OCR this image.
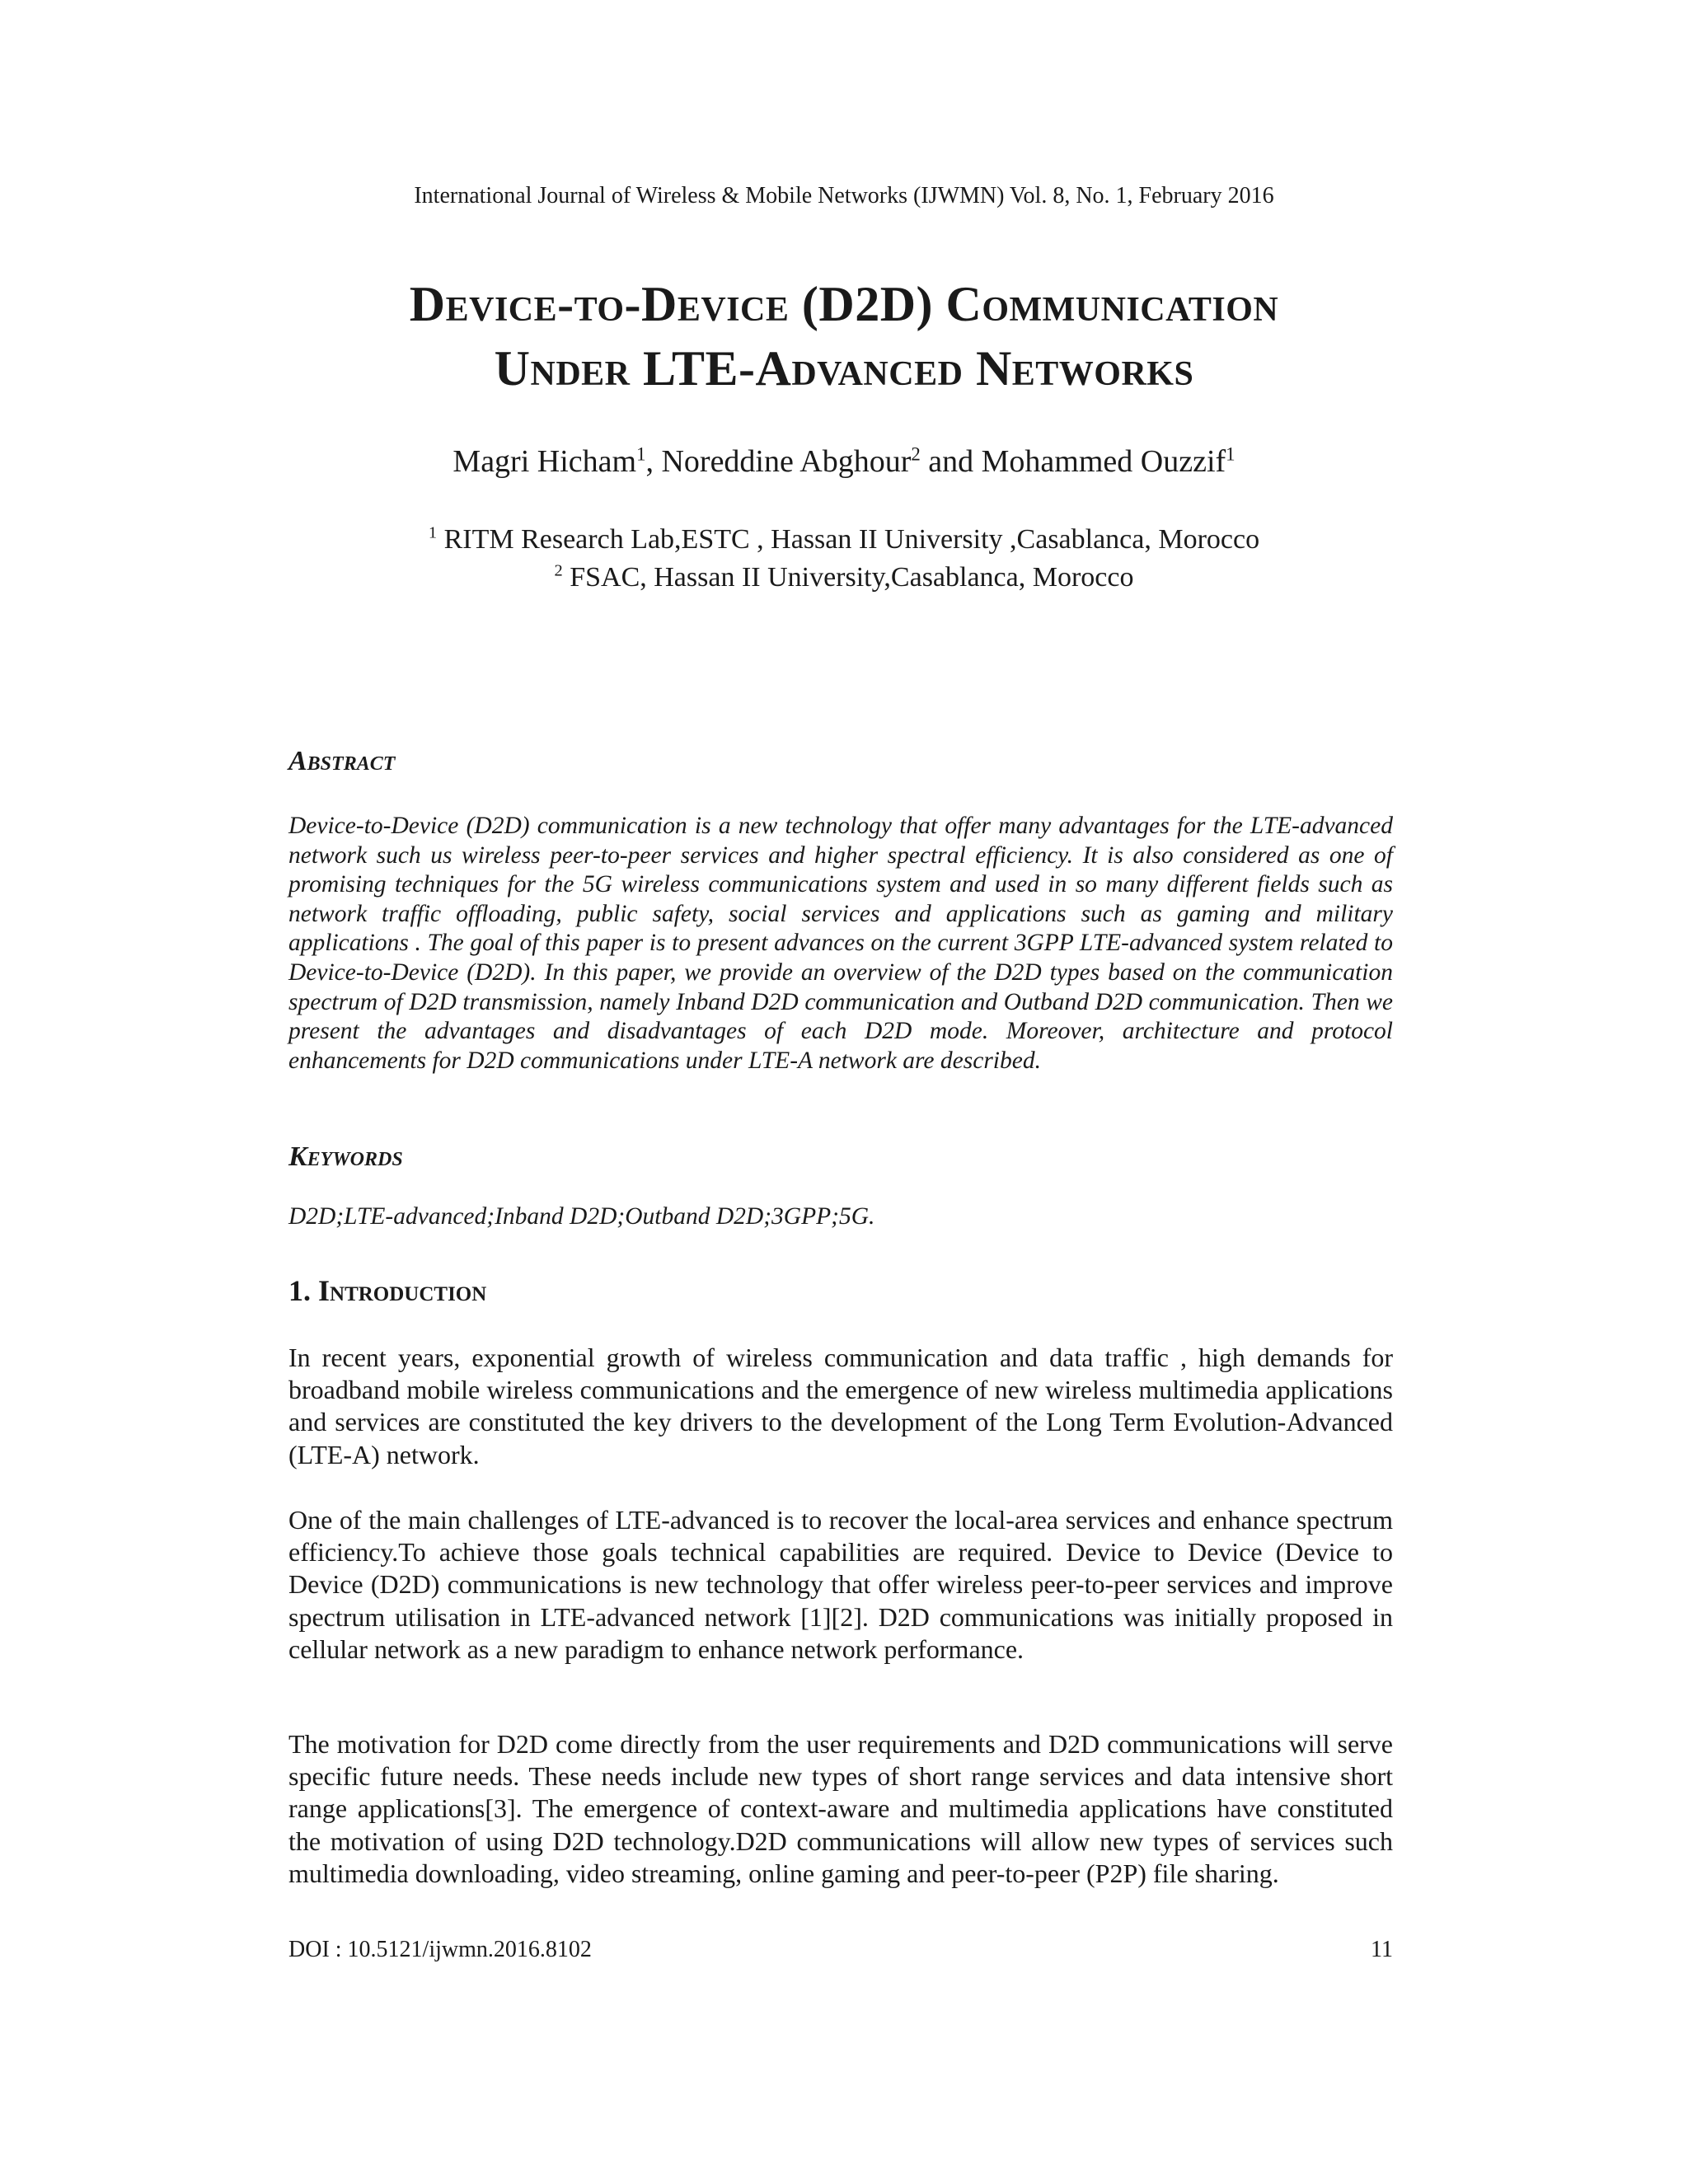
International Journal of Wireless & Mobile Networks (IJWMN) Vol. 8, No. 1, February 2016
Device-to-Device (D2D) Communication
Under LTE-Advanced Networks
Magri Hicham$^1$, Noreddine Abghour$^2$ and Mohammed Ouzzif$^1$
$^1$ RITM Research Lab,ESTC , Hassan II University ,Casablanca, Morocco
$^2$ FSAC, Hassan II University,Casablanca, Morocco
Abstract
Device-to-Device (D2D) communication is a new technology that offer many advantages for the LTE-advanced network such us wireless peer-to-peer services and higher spectral efficiency. It is also considered as one of promising techniques for the 5G wireless communications system and used in so many different fields such as network traffic offloading, public safety, social services and applications such as gaming and military applications . The goal of this paper is to present advances on the current 3GPP LTE-advanced system related to Device-to-Device (D2D). In this paper, we provide an overview of the D2D types based on the communication spectrum of D2D transmission, namely Inband D2D communication and Outband D2D communication. Then we present the advantages and disadvantages of each D2D mode. Moreover, architecture and protocol enhancements for D2D communications under LTE-A network are described.
Keywords
D2D;LTE-advanced;Inband D2D;Outband D2D;3GPP;5G.
1. Introduction
In recent years, exponential growth of wireless communication and data traffic , high demands for broadband mobile wireless communications and the emergence of new wireless multimedia applications and services are constituted the key drivers to the development of the Long Term Evolution-Advanced (LTE-A) network.
One of the main challenges of LTE-advanced is to recover the local-area services and enhance spectrum efficiency.To achieve those goals technical capabilities are required. Device to Device (Device to Device (D2D) communications is new technology that offer wireless peer-to-peer services and improve spectrum utilisation in LTE-advanced network [1][2]. D2D communications was initially proposed in cellular network as a new paradigm to enhance network performance.
The motivation for D2D come directly from the user requirements and D2D communications will serve specific future needs. These needs include new types of short range services and data intensive short range applications[3]. The emergence of context-aware and multimedia applications have constituted the motivation of using D2D technology.D2D communications will allow new types of services such multimedia downloading, video streaming, online gaming and peer-to-peer (P2P) file sharing.
DOI : 10.5121/ijwmn.2016.8102	11
